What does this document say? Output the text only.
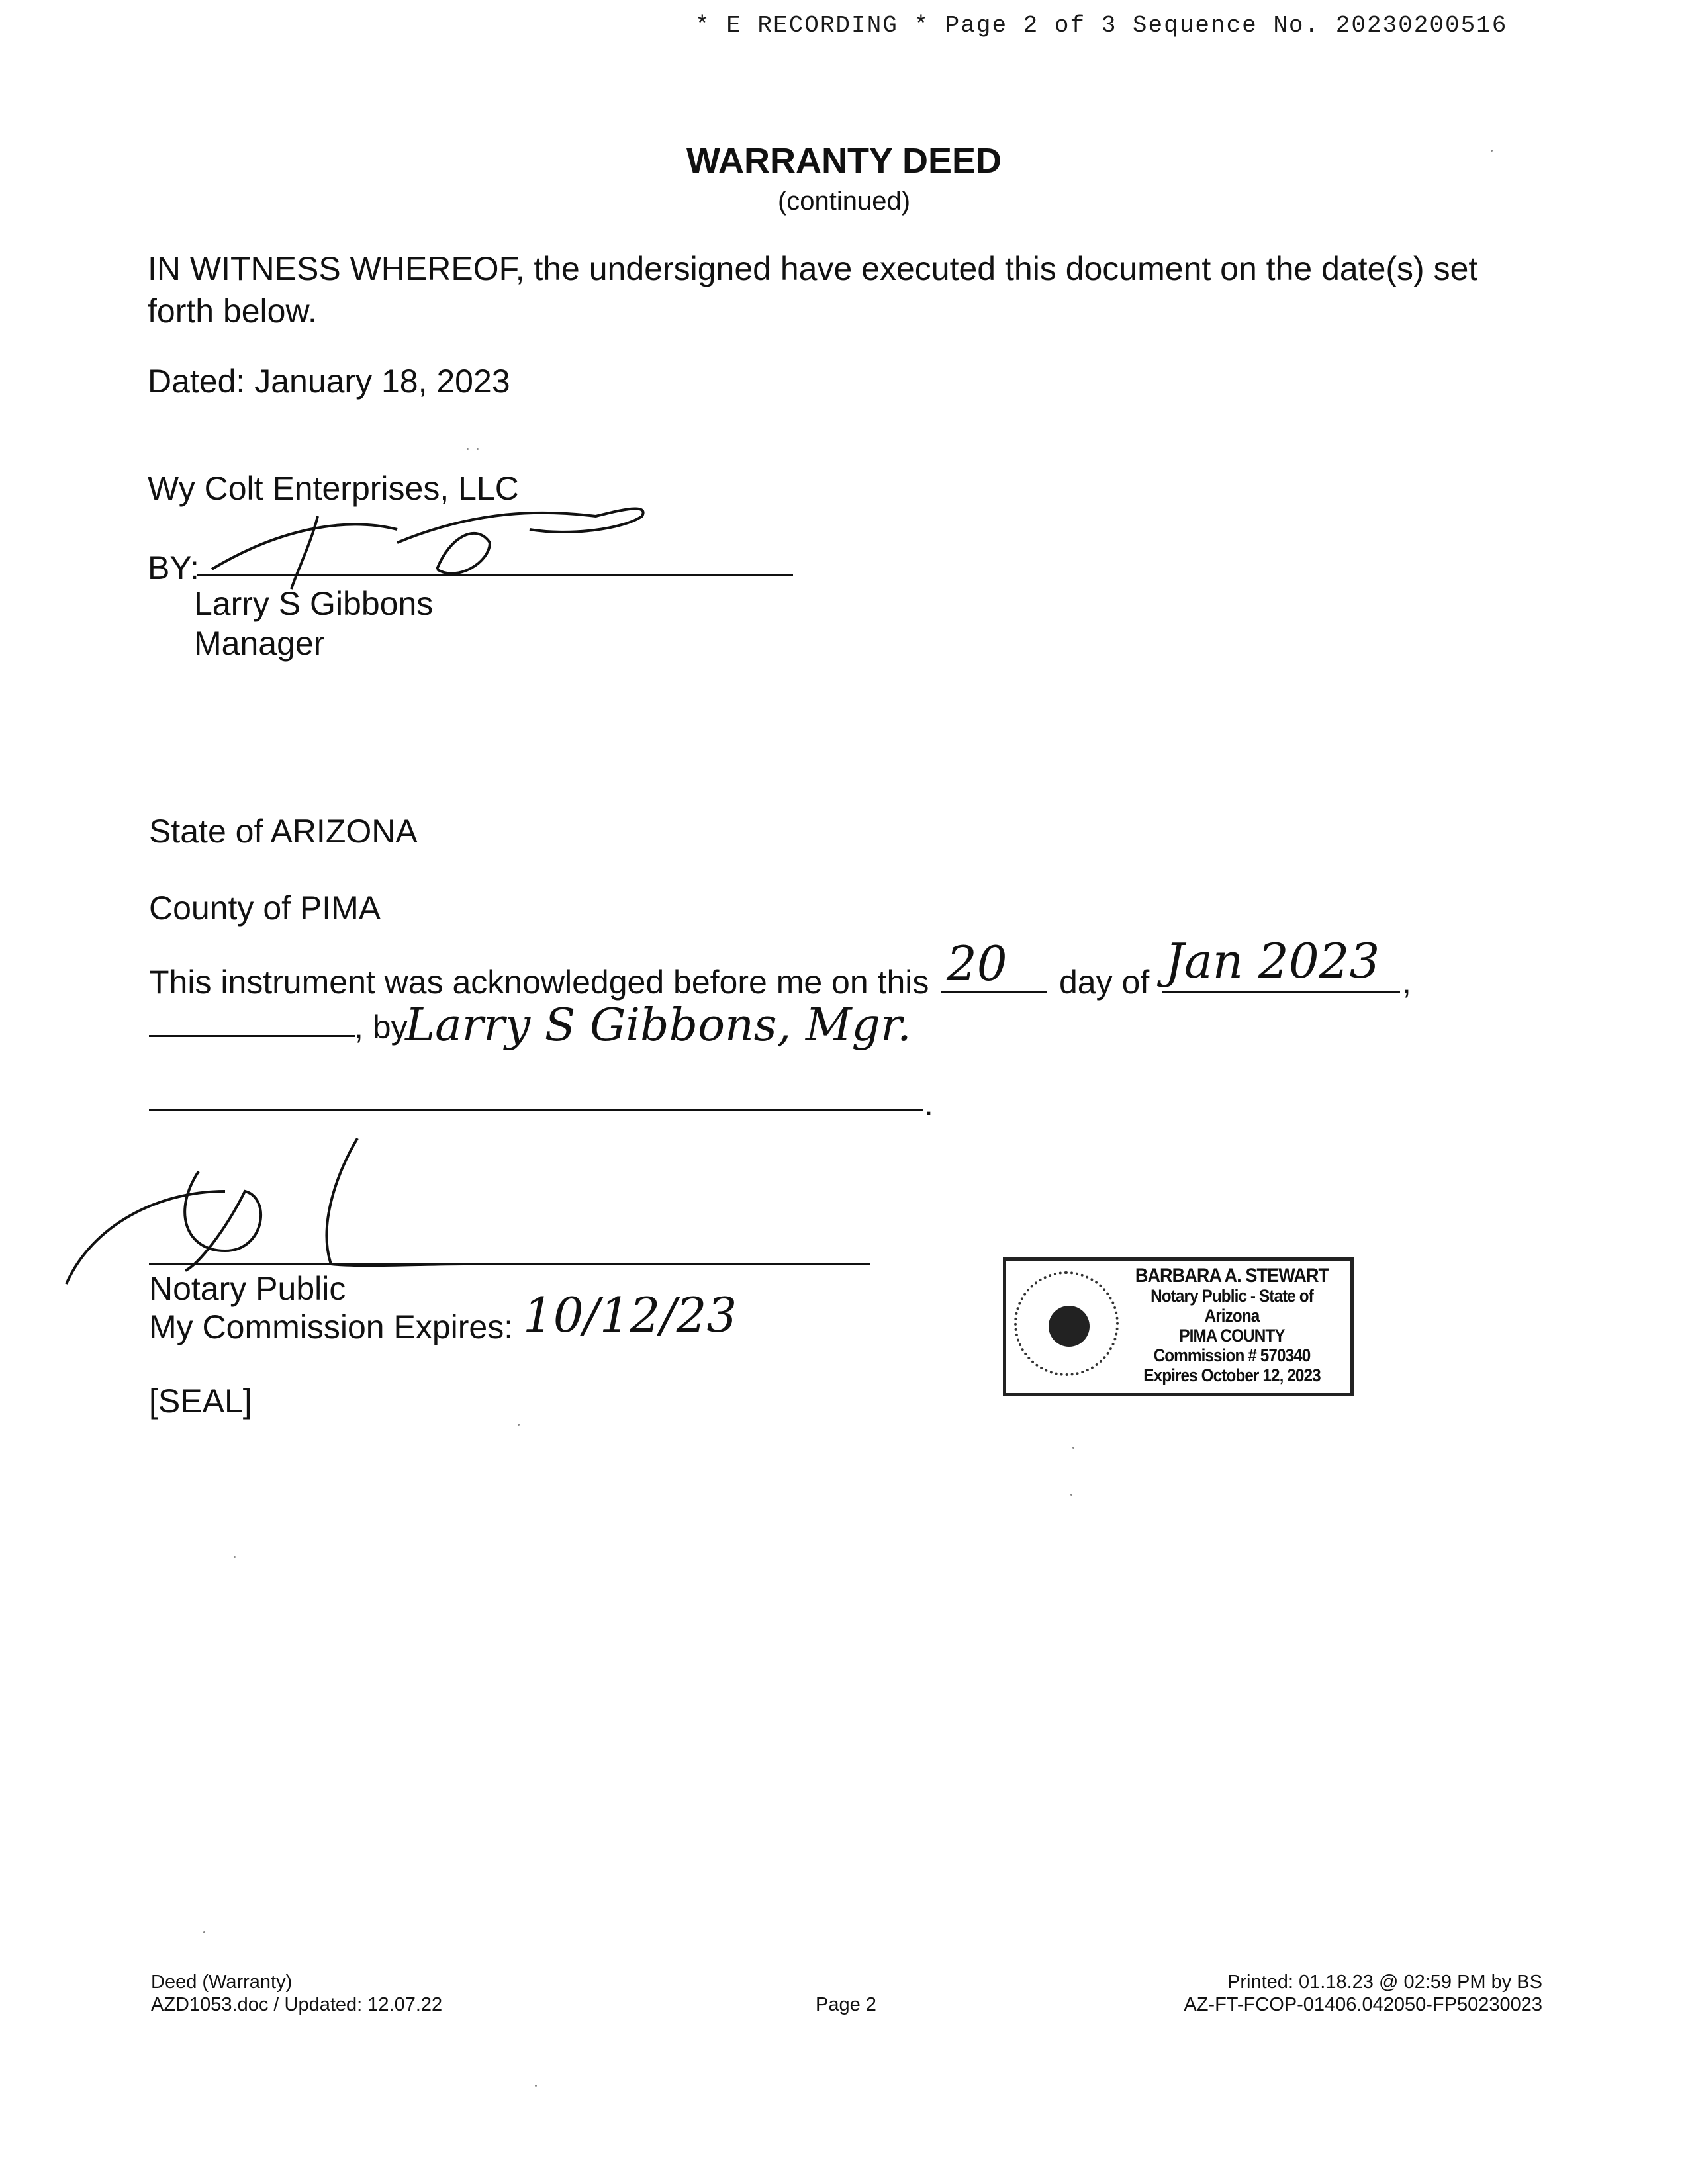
* E RECORDING * Page 2 of 3 Sequence No. 20230200516
WARRANTY DEED
(continued)
IN WITNESS WHEREOF, the undersigned have executed this document on the date(s) set
forth below.
Dated: January 18, 2023
Wy Colt Enterprises, LLC
BY:
Larry S Gibbons
Manager
State of ARIZONA
County of PIMA
This instrument was acknowledged before me on this 20 day of Jan 2023 ,
, by
Larry S Gibbons, Mgr.
.
Notary Public
My Commission Expires: 10/12/23
[SEAL]
BARBARA A. STEWART
Notary Public - State of Arizona
PIMA COUNTY
Commission # 570340
Expires October 12, 2023
Deed (Warranty)
AZD1053.doc / Updated: 12.07.22	Page 2
Printed: 01.18.23 @ 02:59 PM by BS
AZ-FT-FCOP-01406.042050-FP50230023
